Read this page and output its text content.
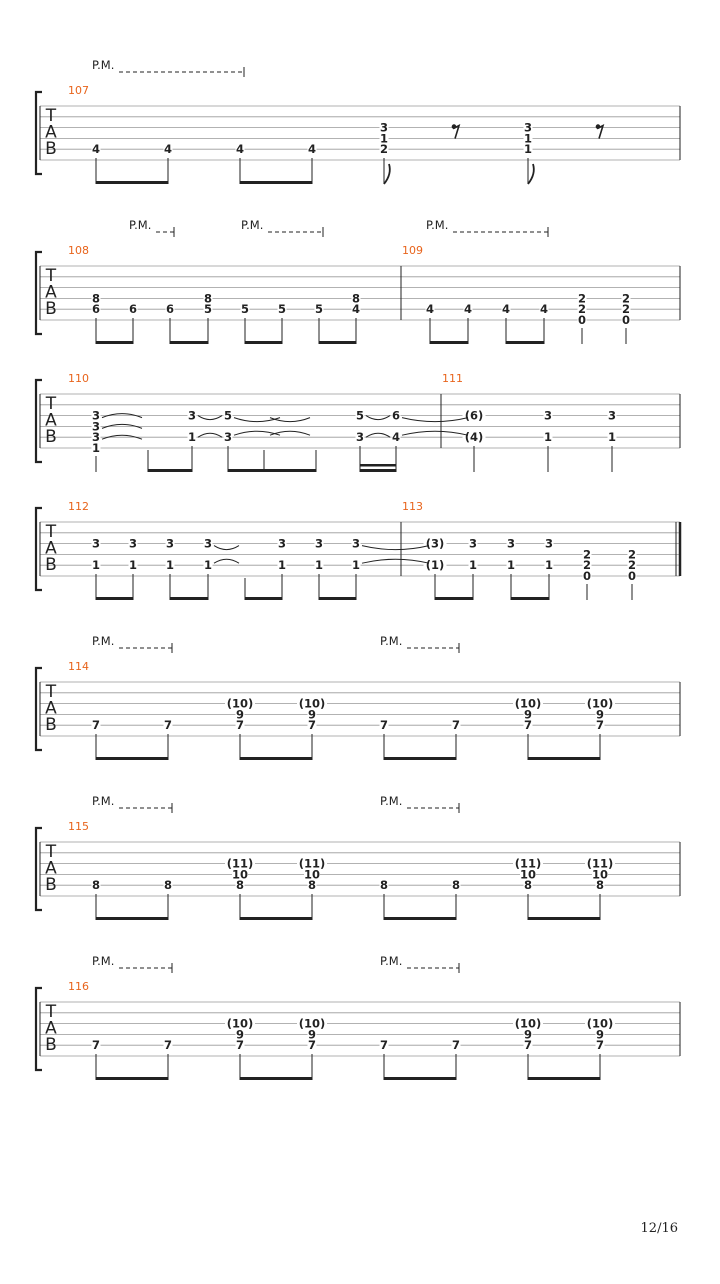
T
A
B
P.M.
107
4	4	4	4
3
1
2
3
1
1
T
A
B
P.M.	P.M.	P.M.
108
8
6	6	6
8
5	5	5	5
8
4
109
4	4	4	4
2
2
0
2
2
0
T
A
B
110
3
3
3
1
3
1
5
3
5
3
6
4
111
(6)
(4)
3
1
3
1
T
A
B
112
3
1
3
1
3
1
3
1
3
1
3
1
3
1
113
(3)
(1)
3
1
3
1
3
1
2
2
0
2
2
0
T
A
B
P.M.	P.M.
114
7	7
(10)
9
7
(10)
9
7	7	7
(10)
9
7
(10)
9
7
T
A
B
P.M.	P.M.
115
8	8
(11)
10
8
(11)
10
8	8	8
(11)
10
8
(11)
10
8
T
A
B
P.M.	P.M.
116
7	7
(10)
9
7
(10)
9
7	7	7
(10)
9
7
(10)
9
7
12/16
